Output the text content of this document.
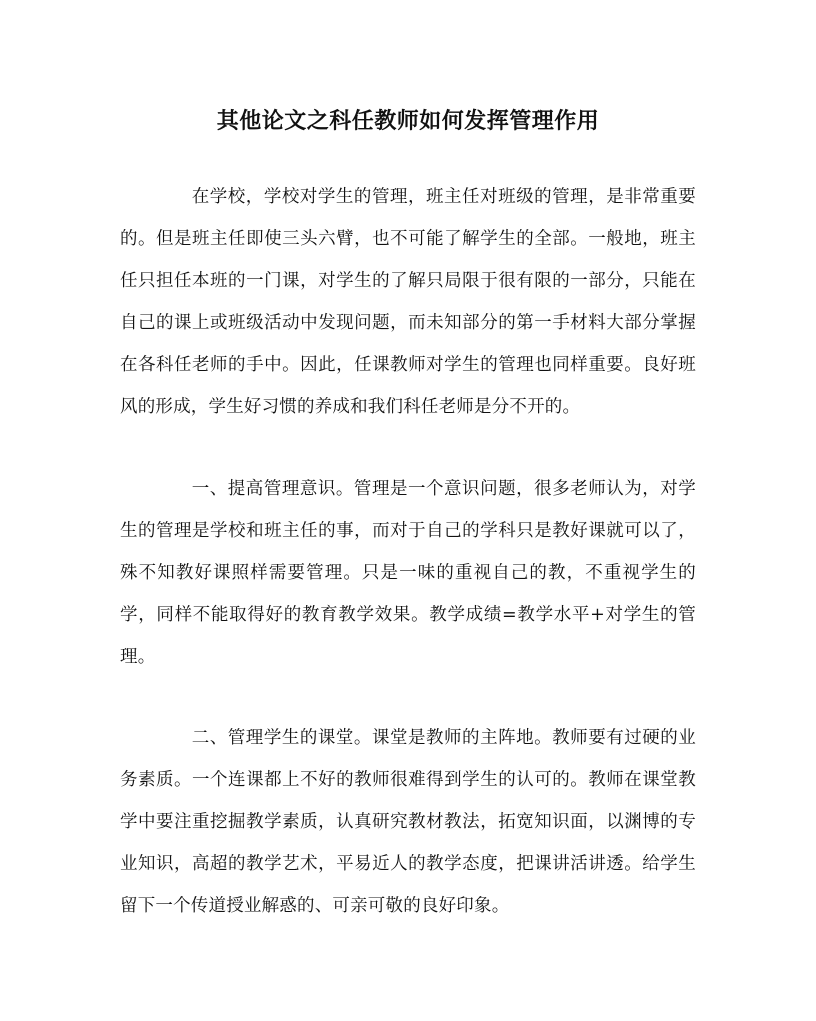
其他论文之科任教师如何发挥管理作用

在学校，学校对学生的管理，班主任对班级的管理，是非常重要的。但是班主任即使三头六臂，也不可能了解学生的全部。一般地，班主任只担任本班的一门课，对学生的了解只局限于很有限的一部分，只能在自己的课上或班级活动中发现问题，而未知部分的第一手材料大部分掌握在各科任老师的手中。因此，任课教师对学生的管理也同样重要。良好班风的形成，学生好习惯的养成和我们科任老师是分不开的。

一、提高管理意识。管理是一个意识问题，很多老师认为，对学生的管理是学校和班主任的事，而对于自己的学科只是教好课就可以了，殊不知教好课照样需要管理。只是一味的重视自己的教，不重视学生的学，同样不能取得好的教育教学效果。教学成绩=教学水平+对学生的管理。

二、管理学生的课堂。课堂是教师的主阵地。教师要有过硬的业务素质。一个连课都上不好的教师很难得到学生的认可的。教师在课堂教学中要注重挖掘教学素质，认真研究教材教法，拓宽知识面，以渊博的专业知识，高超的教学艺术，平易近人的教学态度，把课讲活讲透。给学生留下一个传道授业解惑的、可亲可敬的良好印象。
